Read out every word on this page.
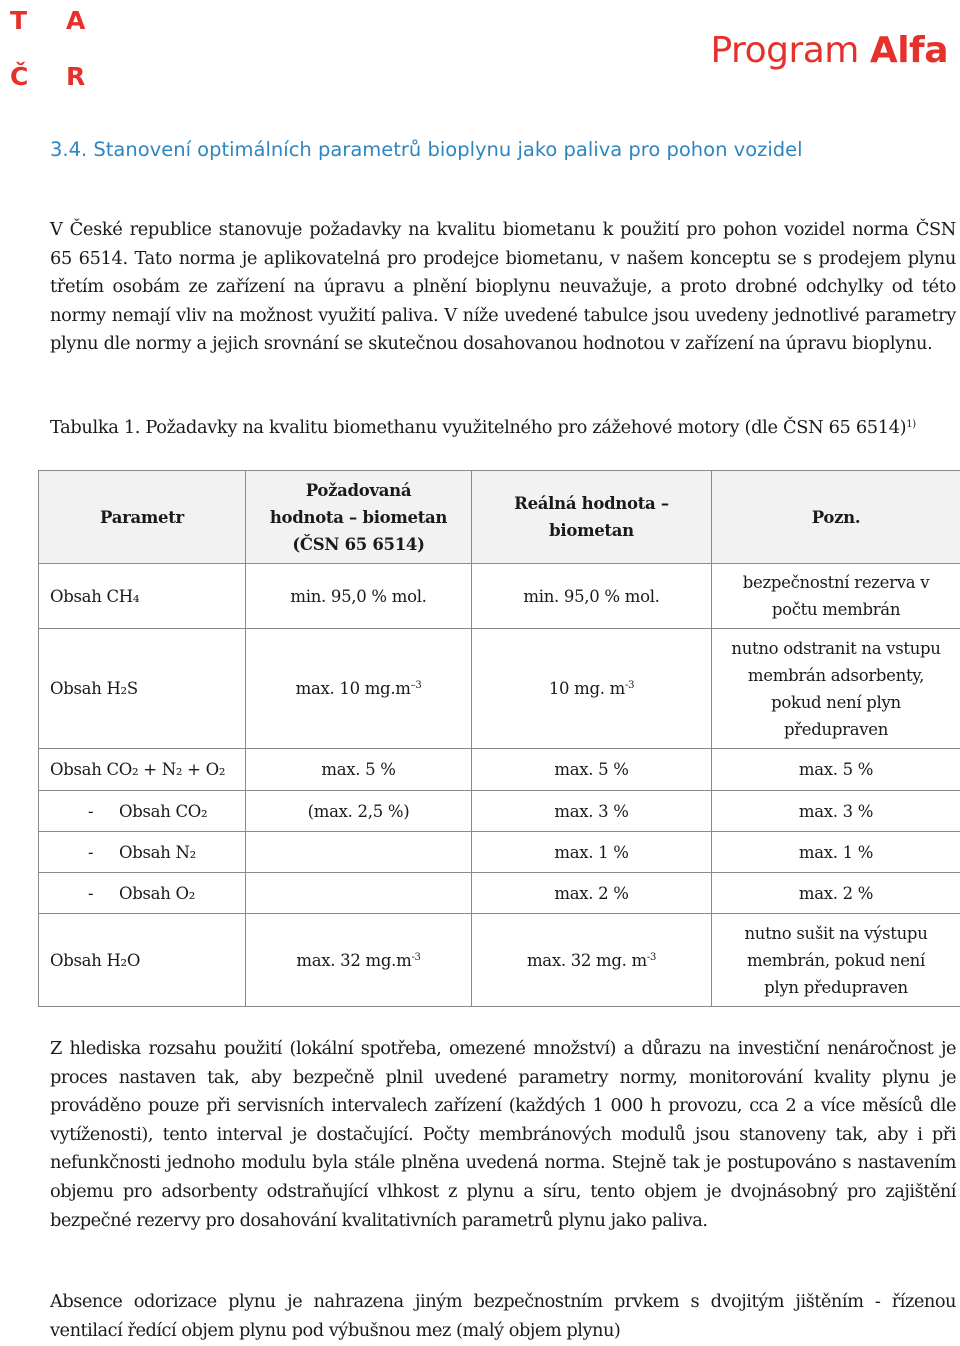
T A
Č R
Program Alfa
3.4. Stanovení optimálních parametrů bioplynu jako paliva pro pohon vozidel

V České republice stanovuje požadavky na kvalitu biometanu k použití pro pohon vozidel norma ČSN 65 6514. Tato norma je aplikovatelná pro prodejce biometanu, v našem konceptu se s prodejem plynu třetím osobám ze zařízení na úpravu a plnění bioplynu neuvažuje, a proto drobné odchylky od této normy nemají vliv na možnost využití paliva. V níže uvedené tabulce jsou uvedeny jednotlivé parametry plynu dle normy a jejich srovnání se skutečnou dosahovanou hodnotou v zařízení na úpravu bioplynu.

Tabulka 1. Požadavky na kvalitu biomethanu využitelného pro zážehové motory (dle ČSN 65 6514)$^{1)}$

Parametr	Požadovaná hodnota – biometan (ČSN 65 6514)	Reálná hodnota – biometan	Pozn.
Obsah CH₄	min. 95,0 % mol.	min. 95,0 % mol.	bezpečnostní rezerva v počtu membrán
Obsah H₂S	max. 10 $mg.m^{-3}$	10 mg. $m^{-3}$	nutno odstranit na vstupu membrán adsorbenty, pokud není plyn předupraven
Obsah CO₂ + N₂ + O₂	max. 5 %	max. 5 %	max. 5 %

- Obsah CO₂	(max. 2,5 %)	max. 3 %	max. 3 %

- Obsah N₂		max. 1 %	max. 1 %

- Obsah O₂		max. 2 %	max. 2 %
Obsah H₂O	max. 32 $mg.m^{-3}$	max. 32 mg. $m^{-3}$	nutno sušit na výstupu membrán, pokud není plyn předupraven

Z hlediska rozsahu použití (lokální spotřeba, omezené množství) a důrazu na investiční nenáročnost je proces nastaven tak, aby bezpečně plnil uvedené parametry normy, monitorování kvality plynu je prováděno pouze při servisních intervalech zařízení (každých 1 000 h provozu, cca 2 a více měsíců dle vytíženosti), tento interval je dostačující. Počty membránových modulů jsou stanoveny tak, aby i při nefunkčnosti jednoho modulu byla stále plněna uvedená norma. Stejně tak je postupováno s nastavením objemu pro adsorbenty odstraňující vlhkost z plynu a síru, tento objem je dvojnásobný pro zajištění bezpečné rezervy pro dosahování kvalitativních parametrů plynu jako paliva.

Absence odorizace plynu je nahrazena jiným bezpečnostním prvkem s dvojitým jištěním - řízenou ventilací ředící objem plynu pod výbušnou mez (malý objem plynu)
